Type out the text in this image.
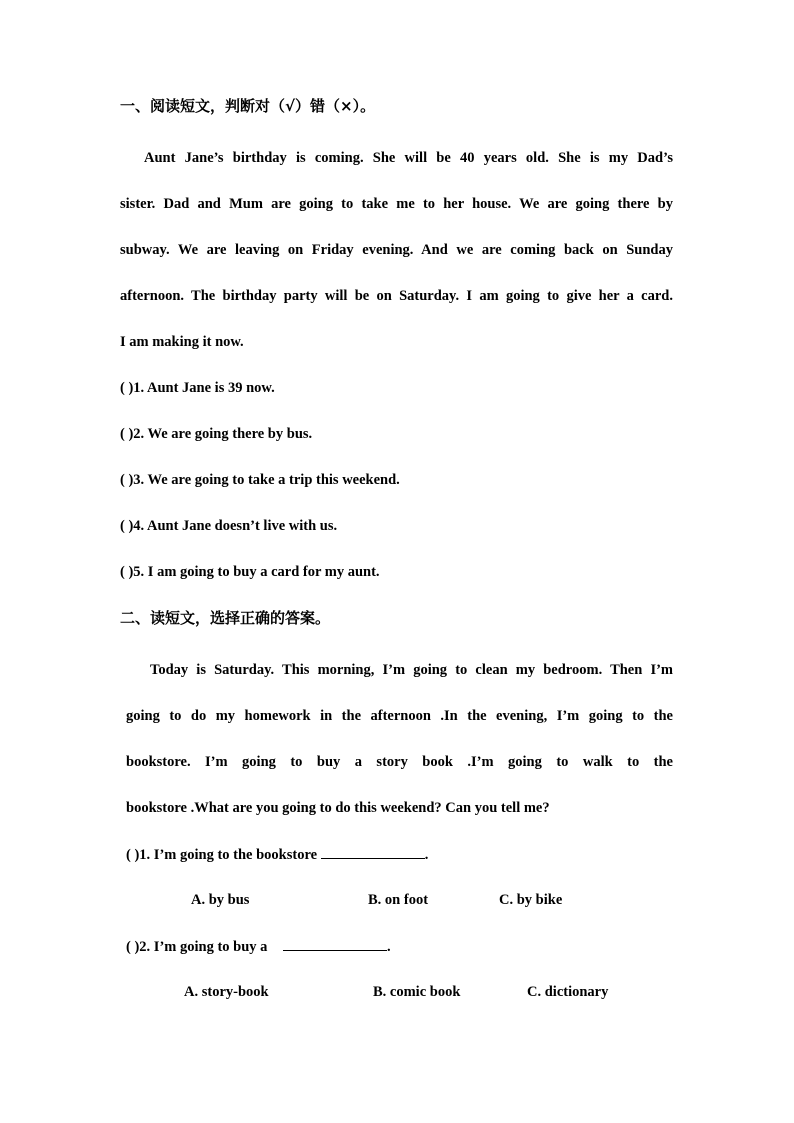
一、阅读短文，判断对（√）错（×）。
Aunt Jane’s birthday is coming. She will be 40 years old. She is my Dad’s
sister. Dad and Mum are going to take me to her house. We are going there by
subway. We are leaving on Friday evening. And we are coming back on Sunday
afternoon. The birthday party will be on Saturday. I am going to give her a card.
I am making it now.
( )1. Aunt Jane is 39 now.
( )2. We are going there by bus.
( )3. We are going to take a trip this weekend.
( )4. Aunt Jane doesn’t live with us.
( )5. I am going to buy a card for my aunt.
二、读短文，选择正确的答案。
Today is Saturday. This morning, I’m going to clean my bedroom. Then I’m
going to do my homework in the afternoon .In the evening, I’m going to the
bookstore. I’m going to buy a story book .I’m going to walk to the
bookstore .What are you going to do this weekend? Can you tell me?
( )1. I’m going to the bookstore	.
A. by bus	B. on foot	C. by bike
( )2. I’m going to buy a	.
A. story-book	B. comic book	C. dictionary
